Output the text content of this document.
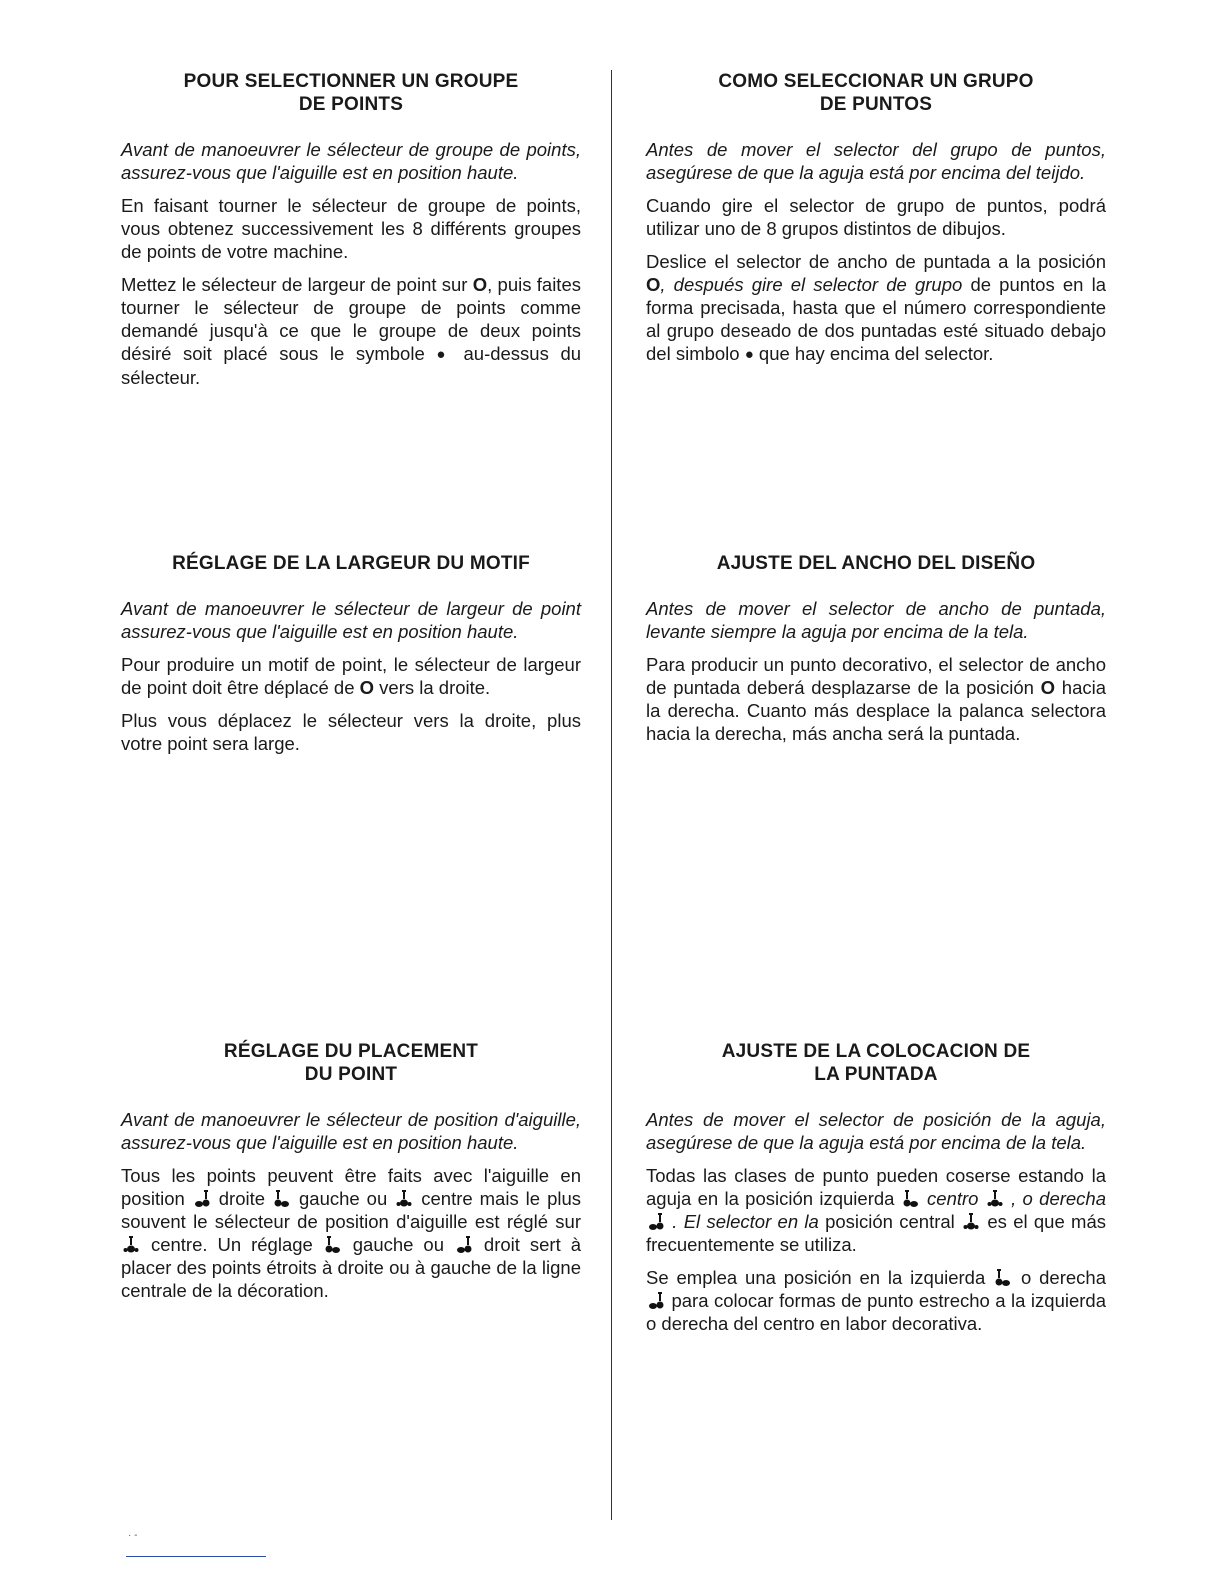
POUR SELECTIONNER UN GROUPE
DE POINTS

Avant de manoeuvrer le sélecteur de groupe de points, assurez-vous que l'aiguille est en position haute.

En faisant tourner le sélecteur de groupe de points, vous obtenez successivement les 8 différents groupes de points de votre machine.

Mettez le sélecteur de largeur de point sur O, puis faites tourner le sélecteur de groupe de points comme demandé jusqu'à ce que le groupe de deux points désiré soit placé sous le symbole ● au-dessus du sélecteur.

RÉGLAGE DE LA LARGEUR DU MOTIF

Avant de manoeuvrer le sélecteur de largeur de point assurez-vous que l'aiguille est en position haute.

Pour produire un motif de point, le sélecteur de largeur de point doit être déplacé de O vers la droite.

Plus vous déplacez le sélecteur vers la droite, plus votre point sera large.

RÉGLAGE DU PLACEMENT
DU POINT

Avant de manoeuvrer le sélecteur de position d'aiguille, assurez-vous que l'aiguille est en position haute.

Tous les points peuvent être faits avec l'aiguille en position  droite  gauche ou  centre mais le plus souvent le sélecteur de position d'aiguille est réglé sur  centre. Un réglage  gauche ou  droit sert à placer des points étroits à droite ou à gauche de la ligne centrale de la décoration.

COMO SELECCIONAR UN GRUPO
DE PUNTOS

Antes de mover el selector del grupo de puntos, asegúrese de que la aguja está por encima del teijdo.

Cuando gire el selector de grupo de puntos, podrá utilizar uno de 8 grupos distintos de dibujos.

Deslice el selector de ancho de puntada a la posición O, después gire el selector de grupo de puntos en la forma precisada, hasta que el número correspondiente al grupo deseado de dos puntadas esté situado debajo del simbolo ● que hay encima del selector.

AJUSTE DEL ANCHO DEL DISEÑO

Antes de mover el selector de ancho de puntada, levante siempre la aguja por encima de la tela.

Para producir un punto decorativo, el selector de ancho de puntada deberá desplazarse de la posición O hacia la derecha. Cuanto más desplace la palanca selectora hacia la derecha, más ancha será la puntada.

AJUSTE DE LA COLOCACION DE
LA PUNTADA

Antes de mover el selector de posición de la aguja, asegúrese de que la aguja está por encima de la tela.

Todas las clases de punto pueden coserse estando la aguja en la posición izquierda  centro  , o derecha  . El selector en la posición central  es el que más frecuentemente se utiliza.

Se emplea una posición en la izquierda  o derecha  para colocar formas de punto estrecho a la izquierda o derecha del centro en labor decorativa.

· -
